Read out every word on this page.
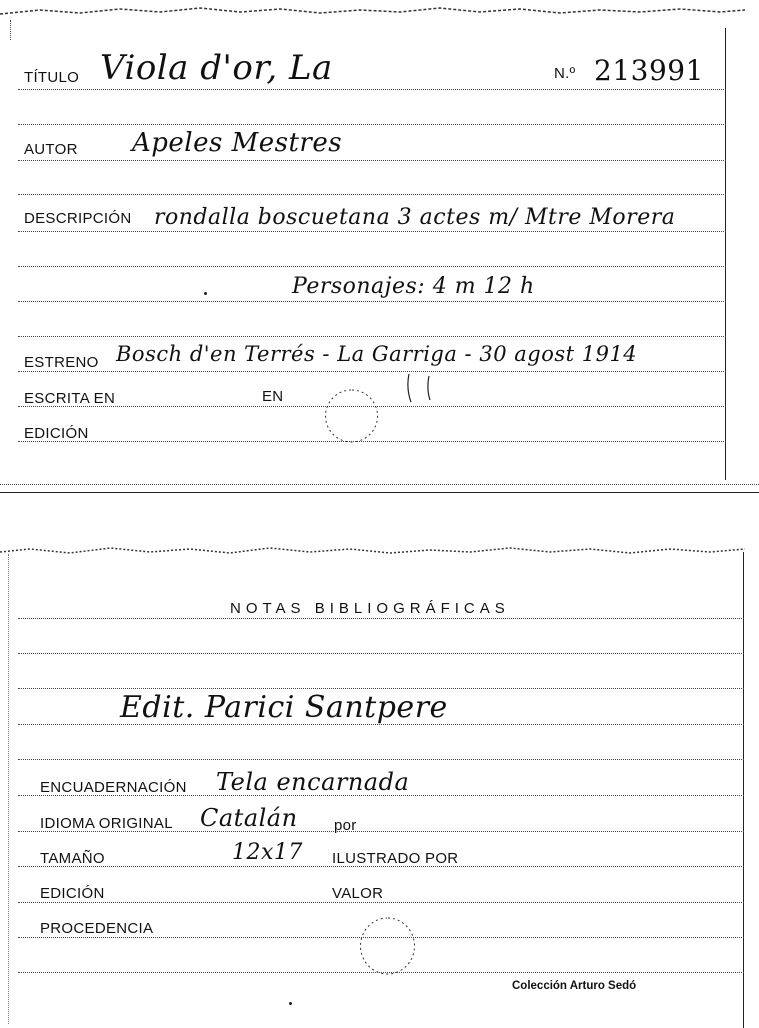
TÍTULO Viola d'or, La	N.º 213991
AUTOR Apeles Mestres
DESCRIPCIÓN rondalla boscuetana 3 actes m/ Mtre Morera
Personajes: 4 m 12 h
ESTRENO Bosch d'en Terrés - La Garriga - 30 agost 1914
ESCRITA EN	EN
EDICIÓN
NOTAS BIBLIOGRÁFICAS
Edit. Parici Santpere
ENCUADERNACIÓN Tela encarnada
IDIOMA ORIGINAL Catalán por
TAMAÑO	12x17 ILUSTRADO POR
EDICIÓN	VALOR
PROCEDENCIA
Colección Arturo Sedó
